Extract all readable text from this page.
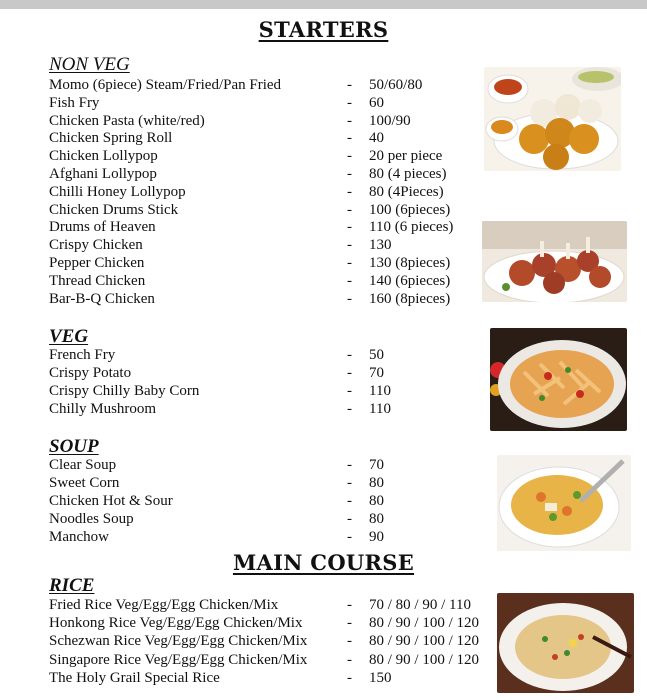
STARTERS
NON VEG
Momo (6piece) Steam/Fried/Pan Fried	- 50/60/80
Fish Fry	- 60
Chicken Pasta (white/red)	- 100/90
Chicken Spring Roll	- 40
Chicken Lollypop	- 20 per piece
Afghani Lollypop	- 80 (4 pieces)
Chilli Honey Lollypop	- 80 (4Pieces)
Chicken Drums Stick	- 100 (6pieces)
Drums of Heaven	- 110 (6 pieces)
Crispy Chicken	- 130
Pepper Chicken	- 130 (8pieces)
Thread Chicken	- 140 (6pieces)
Bar-B-Q Chicken	- 160 (8pieces)
VEG
French Fry	- 50
Crispy Potato	- 70
Crispy Chilly Baby Corn	- 110
Chilly Mushroom	- 110
SOUP
Clear Soup	- 70
Sweet Corn	- 80
Chicken Hot & Sour	- 80
Noodles Soup	- 80
Manchow	- 90
MAIN COURSE
RICE
Fried Rice Veg/Egg/Egg Chicken/Mix	- 70 / 80 / 90 / 110
Honkong Rice Veg/Egg/Egg Chicken/Mix	- 80 / 90 / 100 / 120
Schezwan Rice Veg/Egg/Egg Chicken/Mix	- 80 / 90 / 100 / 120
Singapore Rice Veg/Egg/Egg Chicken/Mix	- 80 / 90 / 100 / 120
The Holy Grail Special Rice	- 150
